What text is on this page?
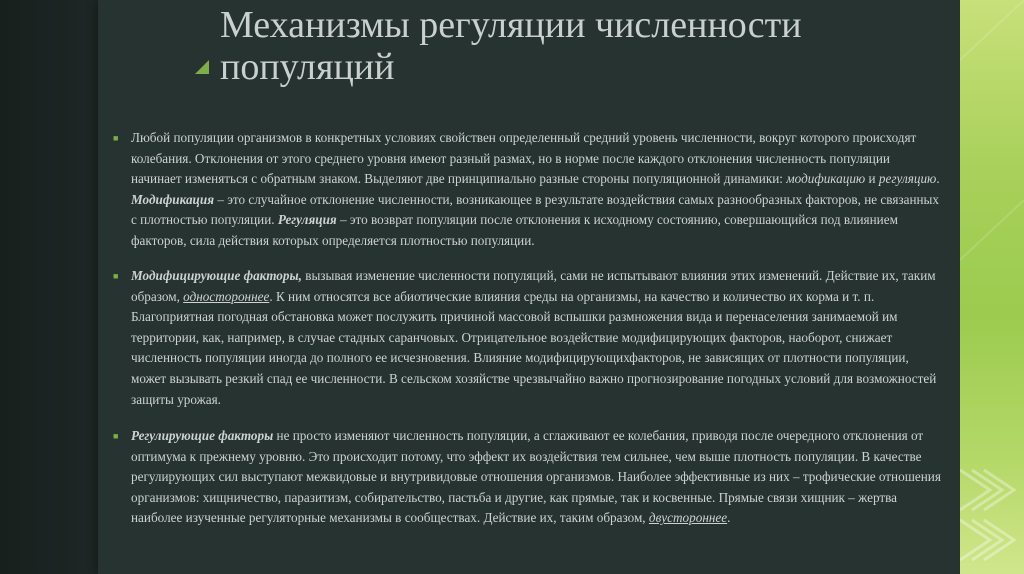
Механизмы регуляции численности
популяций
■ Любой популяции организмов в конкретных условиях свойствен определенный средний уровень численности, вокруг которого происходят колебания. Отклонения от этого среднего уровня имеют разный размах, но в норме после каждого отклонения численность популяции начинает изменяться с обратным знаком. Выделяют две принципиально разные стороны популяционной динамики: модификацию и регуляцию. Модификация – это случайное отклонение численности, возникающее в результате воздействия самых разнообразных факторов, не связанных с плотностью популяции. Регуляция – это возврат популяции после отклонения к исходному состоянию, совершающийся под влиянием факторов, сила действия которых определяется плотностью популяции.
■ Модифицирующие факторы, вызывая изменение численности популяций, сами не испытывают влияния этих изменений. Действие их, таким образом, одностороннее. К ним относятся все абиотические влияния среды на организмы, на качество и количество их корма и т. п. Благоприятная погодная обстановка может послужить причиной массовой вспышки размножения вида и перенаселения занимаемой им территории, как, например, в случае стадных саранчовых. Отрицательное воздействие модифицирующих факторов, наоборот, снижает численность популяции иногда до полного ее исчезновения. Влияние модифицирующихфакторов, не зависящих от плотности популяции, может вызывать резкий спад ее численности. В сельском хозяйстве чрезвычайно важно прогнозирование погодных условий для возможностей защиты урожая.
■ Регулирующие факторы не просто изменяют численность популяции, а сглаживают ее колебания, приводя после очередного отклонения от оптимума к прежнему уровню. Это происходит потому, что эффект их воздействия тем сильнее, чем выше плотность популяции. В качестве регулирующих сил выступают межвидовые и внутривидовые отношения организмов. Наиболее эффективные из них – трофические отношения организмов: хищничество, паразитизм, собирательство, пастьба и другие, как прямые, так и косвенные. Прямые связи хищник – жертва наиболее изученные регуляторные механизмы в сообществах. Действие их, таким образом, двустороннее.
